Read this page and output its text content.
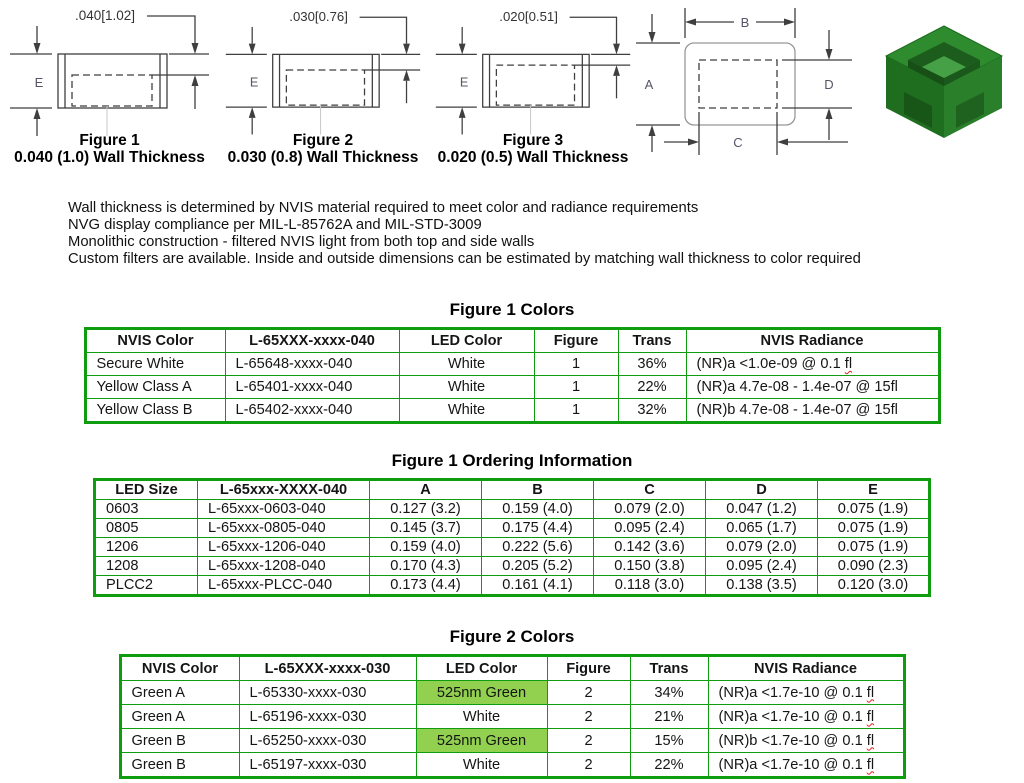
.040[1.02]
E
Figure 1
0.040 (1.0) Wall Thickness
.030[0.76]
E
Figure 2
0.030 (0.8) Wall Thickness
.020[0.51]
E
Figure 3
0.020 (0.5) Wall Thickness
B
A	D
C
Wall thickness is determined by NVIS material required to meet color and radiance requirements
NVG display compliance per MIL-L-85762A and MIL-STD-3009
Monolithic construction - filtered NVIS light from both top and side walls
Custom filters are available. Inside and outside dimensions can be estimated by matching wall thickness to color required
Figure 1 Colors
NVIS Color	L-65XXX-xxxx-040	LED Color	Figure	Trans	NVIS Radiance
Secure White	L-65648-xxxx-040	White	1	36%	(NR)a <1.0e-09 @ 0.1 fl
Yellow Class A	L-65401-xxxx-040	White	1	22%	(NR)a 4.7e-08 - 1.4e-07 @ 15fl
Yellow Class B	L-65402-xxxx-040	White	1	32%	(NR)b 4.7e-08 - 1.4e-07 @ 15fl
Figure 1 Ordering Information
LED Size	L-65xxx-XXXX-040	A	B	C	D	E
0603	L-65xxx-0603-040	0.127 (3.2)	0.159 (4.0)	0.079 (2.0)	0.047 (1.2)	0.075 (1.9)
0805	L-65xxx-0805-040	0.145 (3.7)	0.175 (4.4)	0.095 (2.4)	0.065 (1.7)	0.075 (1.9)
1206	L-65xxx-1206-040	0.159 (4.0)	0.222 (5.6)	0.142 (3.6)	0.079 (2.0)	0.075 (1.9)
1208	L-65xxx-1208-040	0.170 (4.3)	0.205 (5.2)	0.150 (3.8)	0.095 (2.4)	0.090 (2.3)
PLCC2	L-65xxx-PLCC-040	0.173 (4.4)	0.161 (4.1)	0.118 (3.0)	0.138 (3.5)	0.120 (3.0)
Figure 2 Colors
NVIS Color	L-65XXX-xxxx-030	LED Color	Figure	Trans	NVIS Radiance
Green A	L-65330-xxxx-030	525nm Green	2	34%	(NR)a <1.7e-10 @ 0.1 fl
Green A	L-65196-xxxx-030	White	2	21%	(NR)a <1.7e-10 @ 0.1 fl
Green B	L-65250-xxxx-030	525nm Green	2	15%	(NR)b <1.7e-10 @ 0.1 fl
Green B	L-65197-xxxx-030	White	2	22%	(NR)a <1.7e-10 @ 0.1 fl
